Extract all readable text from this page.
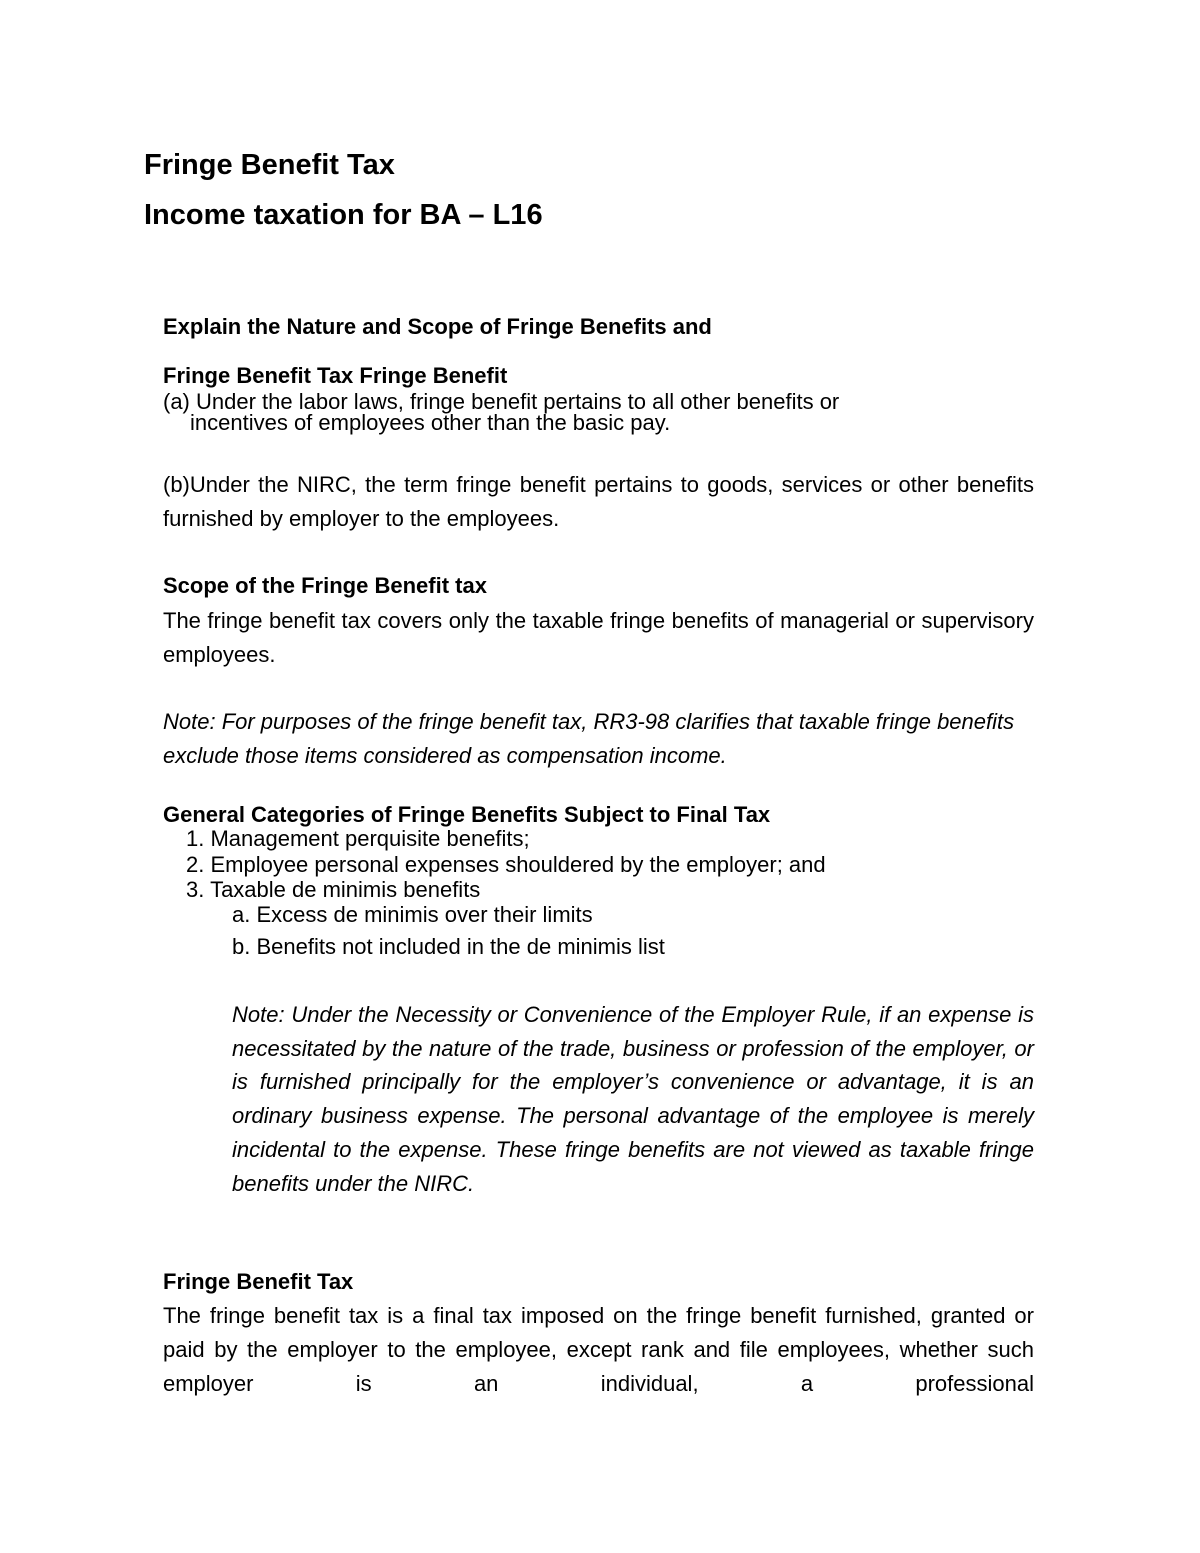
Fringe Benefit Tax
Income taxation for BA – L16
Explain the Nature and Scope of Fringe Benefits and
Fringe Benefit Tax Fringe Benefit
(a) Under the labor laws, fringe benefit pertains to all other benefits or
incentives of employees other than the basic pay.
(b)Under the NIRC, the term fringe benefit pertains to goods, services or other benefits furnished by employer to the employees.
Scope of the Fringe Benefit tax
The fringe benefit tax covers only the taxable fringe benefits of managerial or supervisory employees.
Note: For purposes of the fringe benefit tax, RR3-98 clarifies that taxable fringe benefits exclude those items considered as compensation income.
General Categories of Fringe Benefits Subject to Final Tax
1. Management perquisite benefits;
2. Employee personal expenses shouldered by the employer; and
3. Taxable de minimis benefits
a. Excess de minimis over their limits
b. Benefits not included in the de minimis list
Note: Under the Necessity or Convenience of the Employer Rule, if an expense is necessitated by the nature of the trade, business or profession of the employer, or is furnished principally for the employer’s convenience or advantage, it is an ordinary business expense. The personal advantage of the employee is merely incidental to the expense. These fringe benefits are not viewed as taxable fringe benefits under the NIRC.
Fringe Benefit Tax
The fringe benefit tax is a final tax imposed on the fringe benefit furnished, granted or paid by the employer to the employee, except rank and file employees, whether such employer is an individual, a professional
